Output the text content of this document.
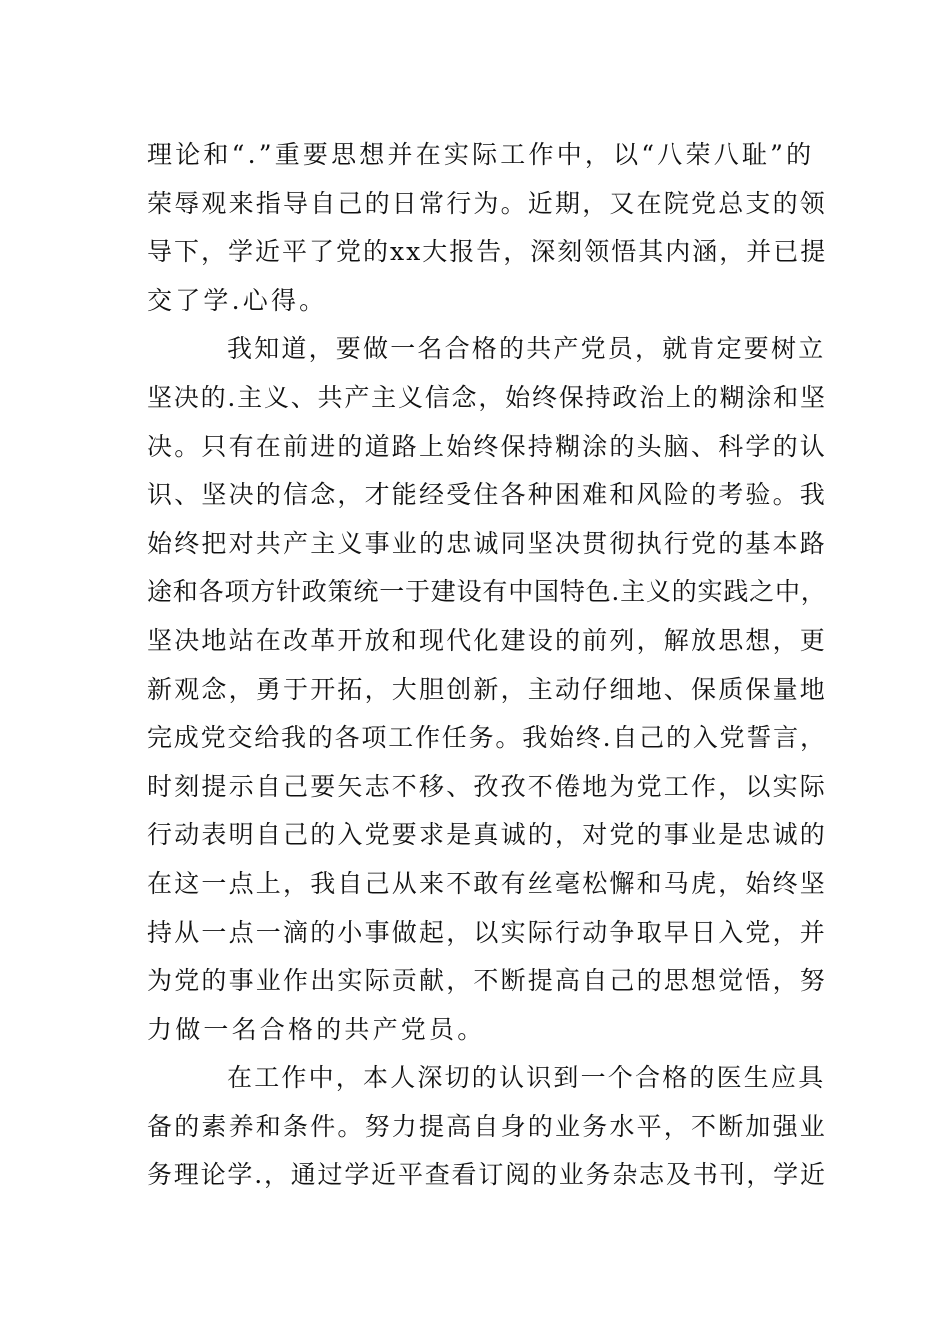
理论和“.”重要思想并在实际工作中，以“八荣八耻”的
荣辱观来指导自己的日常行为。近期，又在院党总支的领
导下，学近平了党的xx大报告，深刻领悟其内涵，并已提
交了学.心得。
我知道，要做一名合格的共产党员，就肯定要树立
坚决的.主义、共产主义信念，始终保持政治上的糊涂和坚
决。只有在前进的道路上始终保持糊涂的头脑、科学的认
识、坚决的信念，才能经受住各种困难和风险的考验。我
始终把对共产主义事业的忠诚同坚决贯彻执行党的基本路
途和各项方针政策统一于建设有中国特色.主义的实践之中，
坚决地站在改革开放和现代化建设的前列，解放思想，更
新观念，勇于开拓，大胆创新，主动仔细地、保质保量地
完成党交给我的各项工作任务。我始终.自己的入党誓言，
时刻提示自己要矢志不移、孜孜不倦地为党工作，以实际
行动表明自己的入党要求是真诚的，对党的事业是忠诚的
在这一点上，我自己从来不敢有丝毫松懈和马虎，始终坚
持从一点一滴的小事做起，以实际行动争取早日入党，并
为党的事业作出实际贡献，不断提高自己的思想觉悟，努
力做一名合格的共产党员。
在工作中，本人深切的认识到一个合格的医生应具
备的素养和条件。努力提高自身的业务水平，不断加强业
务理论学.，通过学近平查看订阅的业务杂志及书刊，学近
